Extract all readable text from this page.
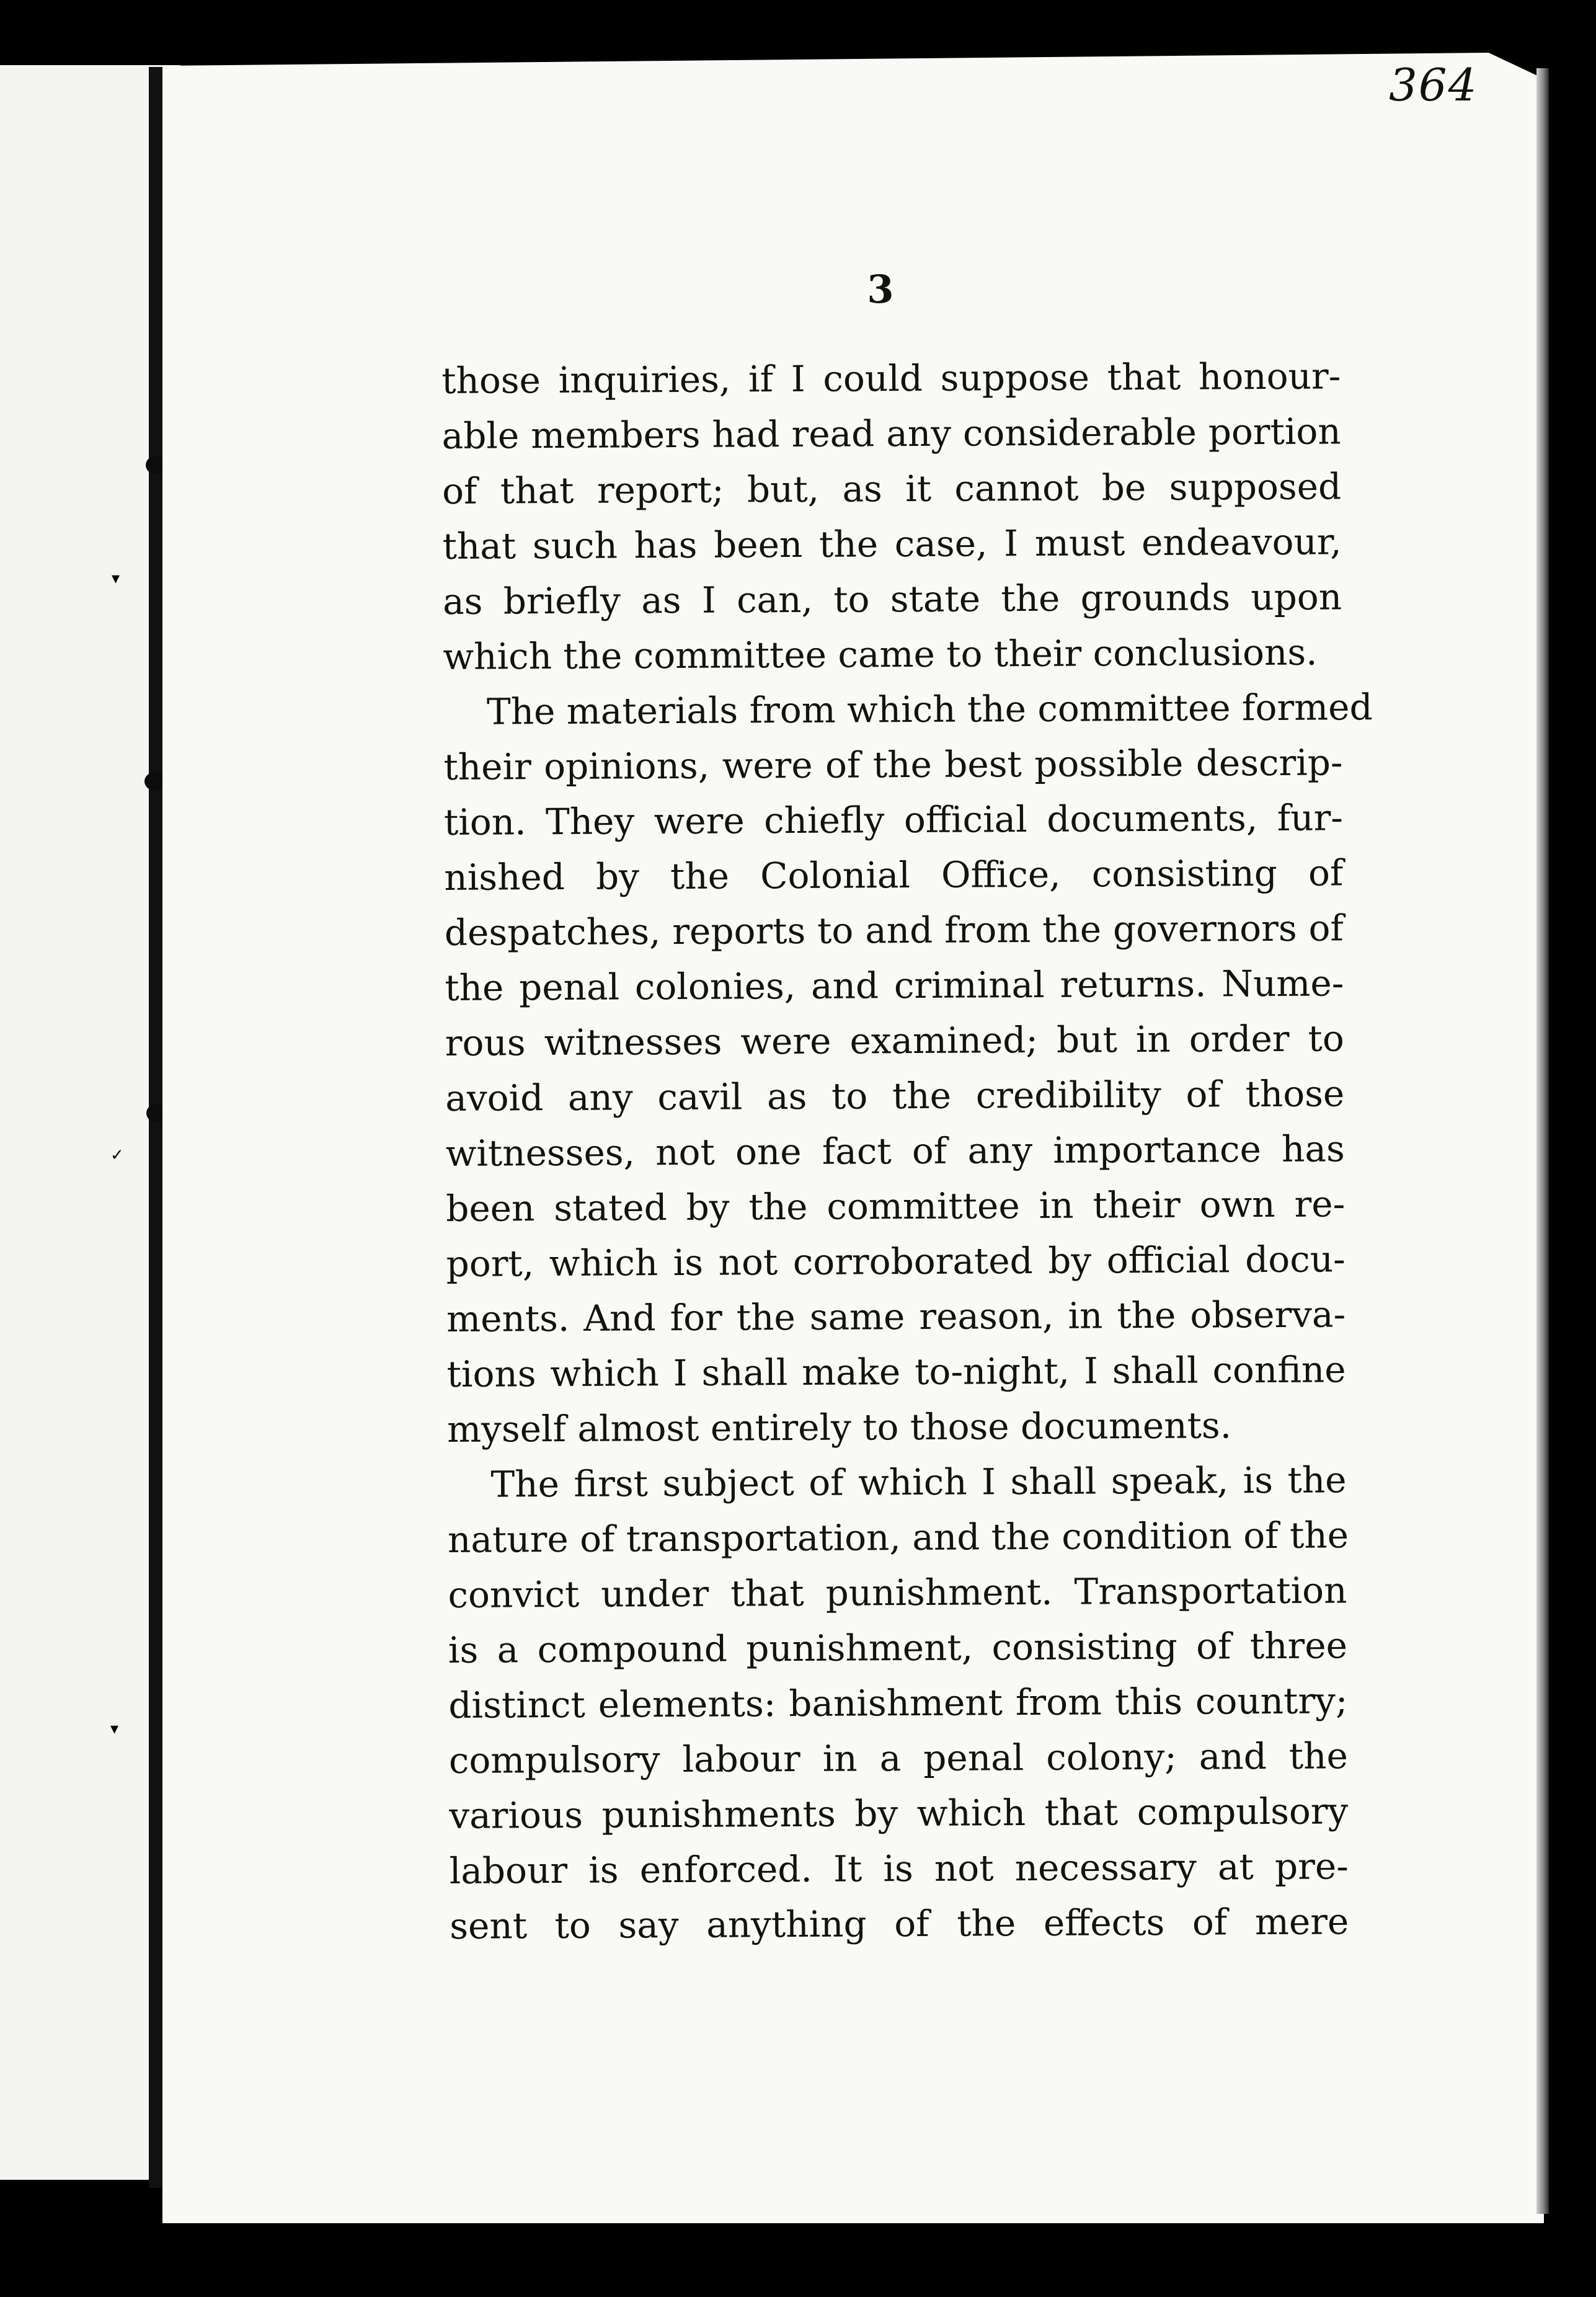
▾
✓
▾
364
3
those inquiries, if I could suppose that honour-
able members had read any considerable portion
of that report; but, as it cannot be supposed
that such has been the case, I must endeavour,
as briefly as I can, to state the grounds upon
which the committee came to their conclusions.
The materials from which the committee formed
their opinions, were of the best possible descrip-
tion. They were chiefly official documents, fur-
nished by the Colonial Office, consisting of
despatches, reports to and from the governors of
the penal colonies, and criminal returns. Nume-
rous witnesses were examined; but in order to
avoid any cavil as to the credibility of those
witnesses, not one fact of any importance has
been stated by the committee in their own re-
port, which is not corroborated by official docu-
ments. And for the same reason, in the observa-
tions which I shall make to-night, I shall confine
myself almost entirely to those documents.
The first subject of which I shall speak, is the
nature of transportation, and the condition of the
convict under that punishment. Transportation
is a compound punishment, consisting of three
distinct elements: banishment from this country;
compulsory labour in a penal colony; and the
various punishments by which that compulsory
labour is enforced. It is not necessary at pre-
sent to say anything of the effects of mere
